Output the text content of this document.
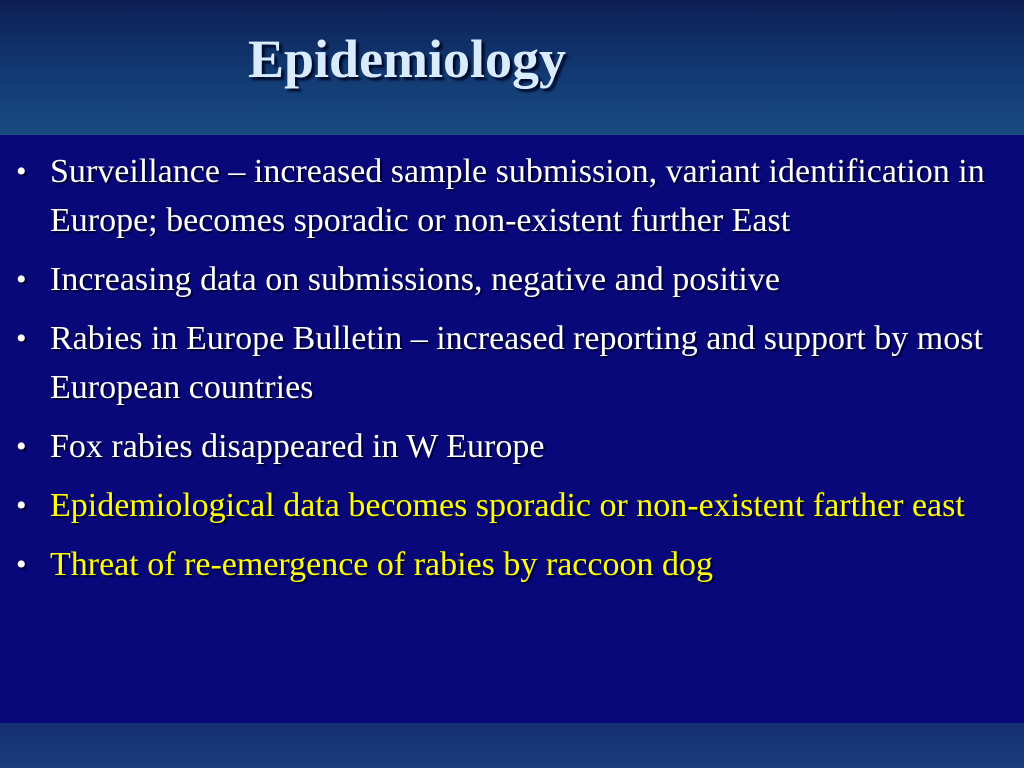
Epidemiology
• Surveillance – increased sample submission, variant identification in Europe; becomes sporadic or non-existent further East
• Increasing data on submissions, negative and positive
• Rabies in Europe Bulletin – increased reporting and support by most European countries
• Fox rabies disappeared in W Europe
• Epidemiological data becomes sporadic or non-existent farther east
• Threat of re-emergence of rabies by raccoon dog
